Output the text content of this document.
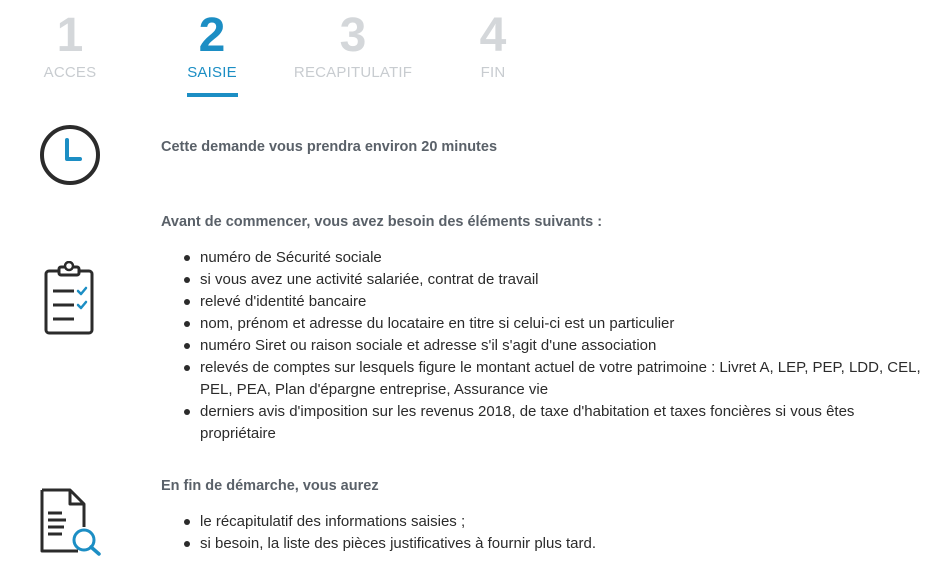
1
ACCES
2
SAISIE
3
RECAPITULATIF
4
FIN
Cette demande vous prendra environ 20 minutes
Avant de commencer, vous avez besoin des éléments suivants :
numéro de Sécurité sociale
si vous avez une activité salariée, contrat de travail
relevé d'identité bancaire
nom, prénom et adresse du locataire en titre si celui-ci est un particulier
numéro Siret ou raison sociale et adresse s'il s'agit d'une association
relevés de comptes sur lesquels figure le montant actuel de votre patrimoine : Livret A, LEP, PEP, LDD, CEL, PEL, PEA, Plan d'épargne entreprise, Assurance vie
derniers avis d'imposition sur les revenus 2018, de taxe d'habitation et taxes foncières si vous êtes propriétaire
En fin de démarche, vous aurez
le récapitulatif des informations saisies ;
si besoin, la liste des pièces justificatives à fournir plus tard.
